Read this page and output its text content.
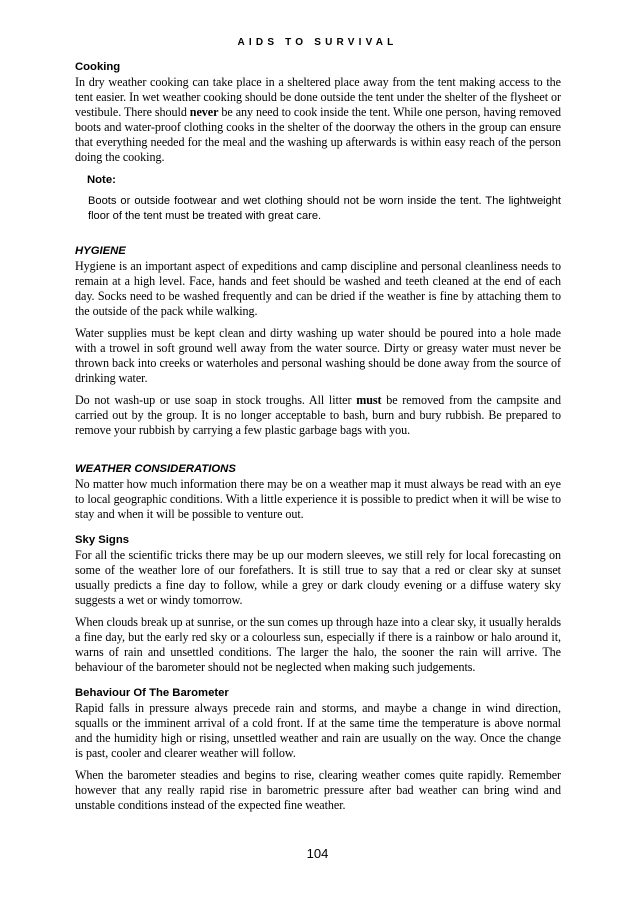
AIDS TO SURVIVAL
Cooking

In dry weather cooking can take place in a sheltered place away from the tent making access to the tent easier. In wet weather cooking should be done outside the tent under the shelter of the flysheet or vestibule. There should never be any need to cook inside the tent. While one person, having removed boots and water-proof clothing cooks in the shelter of the doorway the others in the group can ensure that everything needed for the meal and the washing up afterwards is within easy reach of the person doing the cooking.

Note:

Boots or outside footwear and wet clothing should not be worn inside the tent. The lightweight floor of the tent must be treated with great care.

HYGIENE

Hygiene is an important aspect of expeditions and camp discipline and personal cleanliness needs to remain at a high level. Face, hands and feet should be washed and teeth cleaned at the end of each day. Socks need to be washed frequently and can be dried if the weather is fine by attaching them to the outside of the pack while walking.

Water supplies must be kept clean and dirty washing up water should be poured into a hole made with a trowel in soft ground well away from the water source. Dirty or greasy water must never be thrown back into creeks or waterholes and personal washing should be done away from the source of drinking water.

Do not wash-up or use soap in stock troughs. All litter must be removed from the campsite and carried out by the group. It is no longer acceptable to bash, burn and bury rubbish. Be prepared to remove your rubbish by carrying a few plastic garbage bags with you.

WEATHER CONSIDERATIONS

No matter how much information there may be on a weather map it must always be read with an eye to local geographic conditions. With a little experience it is possible to predict when it will be wise to stay and when it will be possible to venture out.

Sky Signs

For all the scientific tricks there may be up our modern sleeves, we still rely for local forecasting on some of the weather lore of our forefathers. It is still true to say that a red or clear sky at sunset usually predicts a fine day to follow, while a grey or dark cloudy evening or a diffuse watery sky suggests a wet or windy tomorrow.

When clouds break up at sunrise, or the sun comes up through haze into a clear sky, it usually heralds a fine day, but the early red sky or a colourless sun, especially if there is a rainbow or halo around it, warns of rain and unsettled conditions. The larger the halo, the sooner the rain will arrive. The behaviour of the barometer should not be neglected when making such judgements.

Behaviour Of The Barometer

Rapid falls in pressure always precede rain and storms, and maybe a change in wind direction, squalls or the imminent arrival of a cold front. If at the same time the temperature is above normal and the humidity high or rising, unsettled weather and rain are usually on the way. Once the change is past, cooler and clearer weather will follow.

When the barometer steadies and begins to rise, clearing weather comes quite rapidly. Remember however that any really rapid rise in barometric pressure after bad weather can bring wind and unstable conditions instead of the expected fine weather.

104
